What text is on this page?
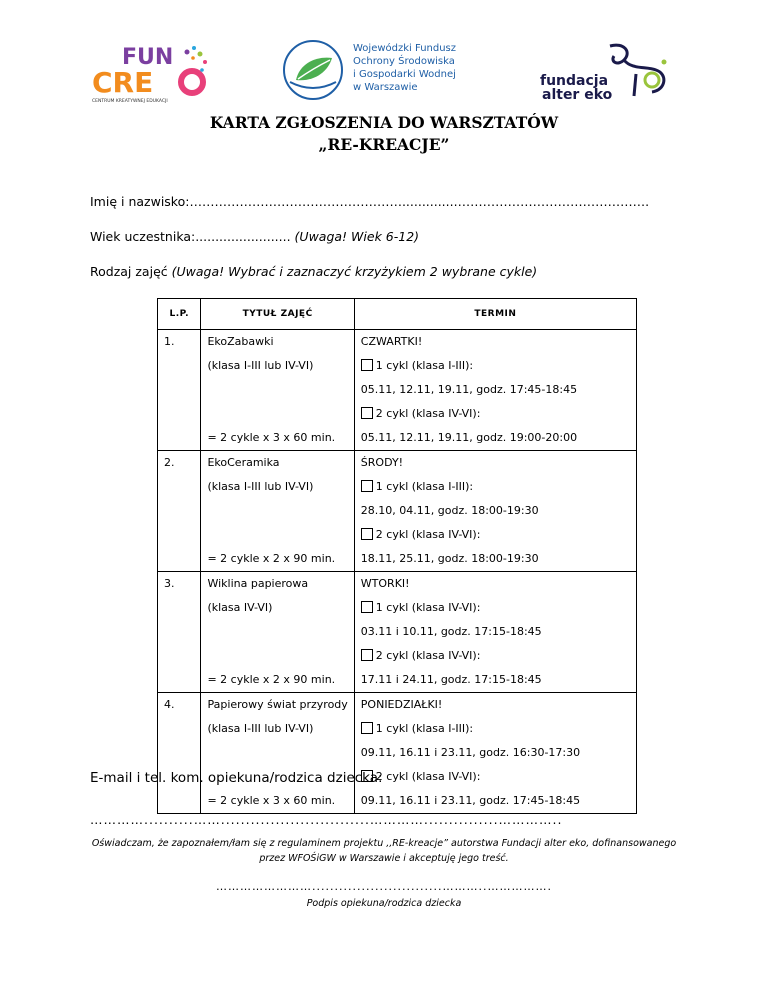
FUN
CRE
CENTRUM KREATYWNEJ EDUKACJI
Wojewódzki Fundusz
Ochrony Środowiska
i Gospodarki Wodnej
w Warszawie	fundacja
alter eko
KARTA ZGŁOSZENIA DO WARSZTATÓW
„RE-KREACJE”
Imię i nazwisko:……………………………………………..............……………………………………….
Wiek uczestnika:........................ (Uwaga! Wiek 6-12)
Rodzaj zajęć (Uwaga! Wybrać i zaznaczyć krzyżykiem 2 wybrane cykle)
L.P.	TYTUŁ ZAJĘĆ	TERMIN

1.	EkoZabawki	CZWARTKI!

	(klasa I-III lub IV-VI)	1 cykl (klasa I-III):

		05.11, 12.11, 19.11, godz. 17:45-18:45

		2 cykl (klasa IV-VI):

	= 2 cykle x 3 x 60 min.	05.11, 12.11, 19.11, godz. 19:00-20:00

2.	EkoCeramika	ŚRODY!

	(klasa I-III lub IV-VI)	1 cykl (klasa I-III):

		28.10, 04.11, godz. 18:00-19:30

		2 cykl (klasa IV-VI):

	= 2 cykle x 2 x 90 min.	18.11, 25.11, godz. 18:00-19:30

3.	Wiklina papierowa	WTORKI!

	(klasa IV-VI)	1 cykl (klasa IV-VI):

		03.11 i 10.11, godz. 17:15-18:45

		2 cykl (klasa IV-VI):

	= 2 cykle x 2 x 90 min.	17.11 i 24.11, godz. 17:15-18:45

4.	Papierowy świat przyrody	PONIEDZIAŁKI!

	(klasa I-III lub IV-VI)	1 cykl (klasa I-III):

		09.11, 16.11 i 23.11, godz. 16:30-17:30

		2 cykl (klasa IV-VI):

	= 2 cykle x 3 x 60 min.	09.11, 16.11 i 23.11, godz. 17:45-18:45
E-mail i tel. kom. opiekuna/rodzica dziecka:
…………..........……..............................…………...............…………..
Oświadczam, że zapoznałem/łam się z regulaminem projektu ,,RE-kreacje” autorstwa Fundacji alter eko, dofinansowanego
przez WFOŚiGW w Warszawie i akceptuję jego treść.
…………………….............................………..…………….
Podpis opiekuna/rodzica dziecka
